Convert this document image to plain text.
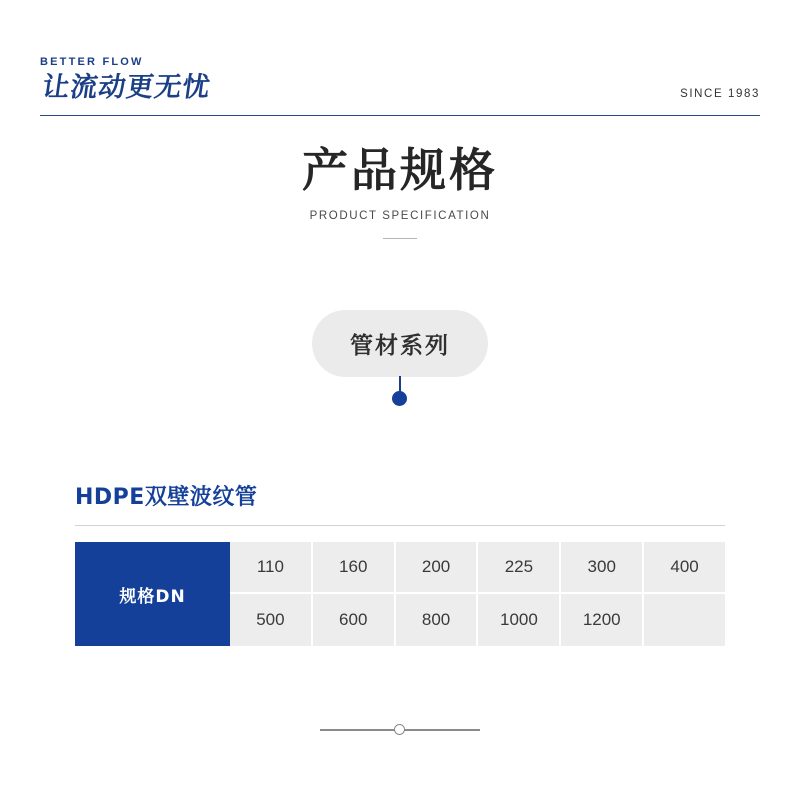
BETTER FLOW

让流动更无忧	SINCE 1983
产品规格
PRODUCT SPECIFICATION
管材系列
HDPE双壁波纹管
规格DN
110	160	200	225	300	400
500	600	800	1000	1200
